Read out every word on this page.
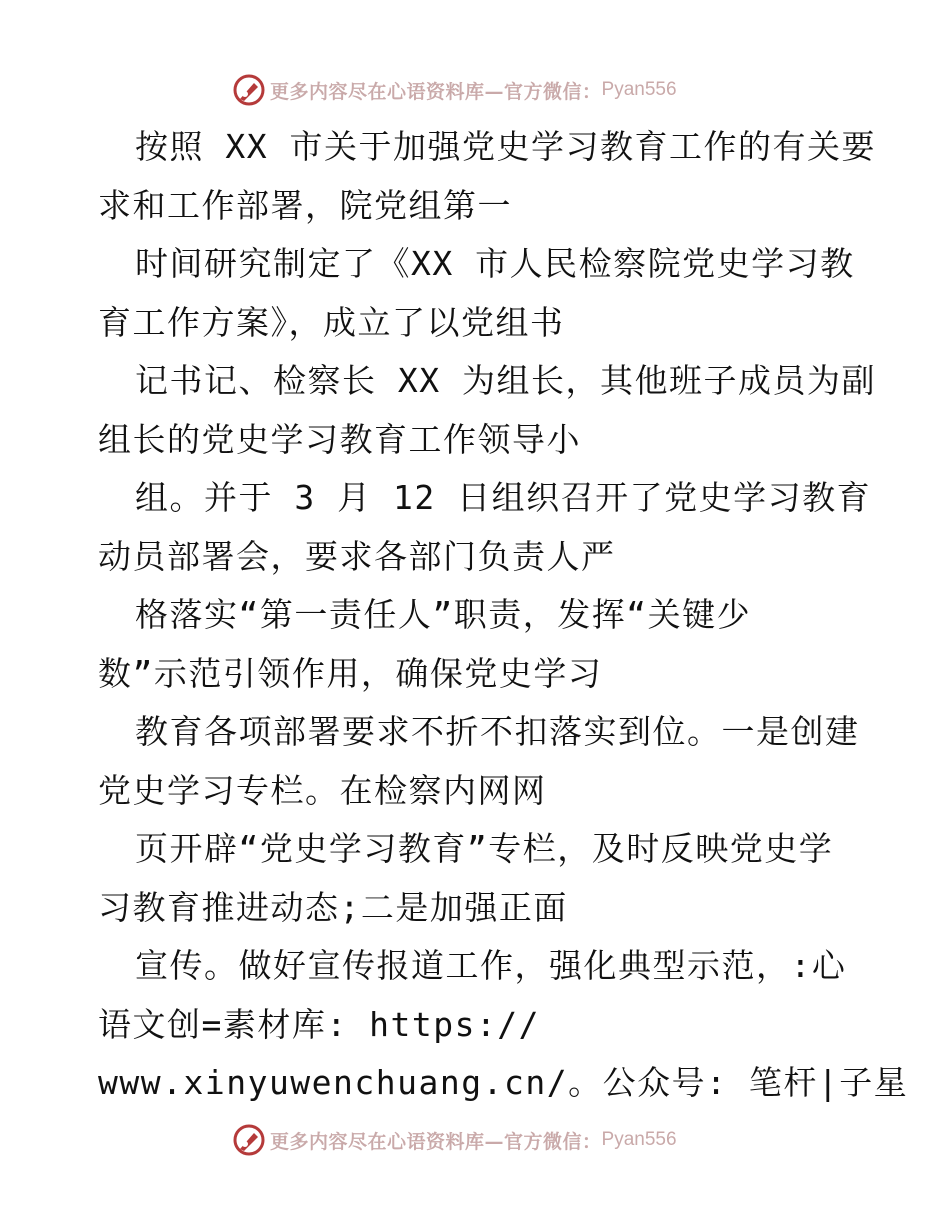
更多内容尽在心语资料库—官方微信： Pyan556
按照 XX 市关于加强党史学习教育工作的有关要
求和工作部署，院党组第一
时间研究制定了《XX 市人民检察院党史学习教
育工作方案》，成立了以党组书
记书记、检察长 XX 为组长，其他班子成员为副
组长的党史学习教育工作领导小
组。并于 3 月 12 日组织召开了党史学习教育
动员部署会，要求各部门负责人严
格落实“第一责任人”职责，发挥“关键少
数”示范引领作用，确保党史学习
教育各项部署要求不折不扣落实到位。一是创建
党史学习专栏。在检察内网网
页开辟“党史学习教育”专栏，及时反映党史学
习教育推进动态;二是加强正面
宣传。做好宣传报道工作，强化典型示范，:心
语文创=素材库: https://
www.xinyuwenchuang.cn/。公众号: 笔杆|子星
更多内容尽在心语资料库—官方微信： Pyan556
